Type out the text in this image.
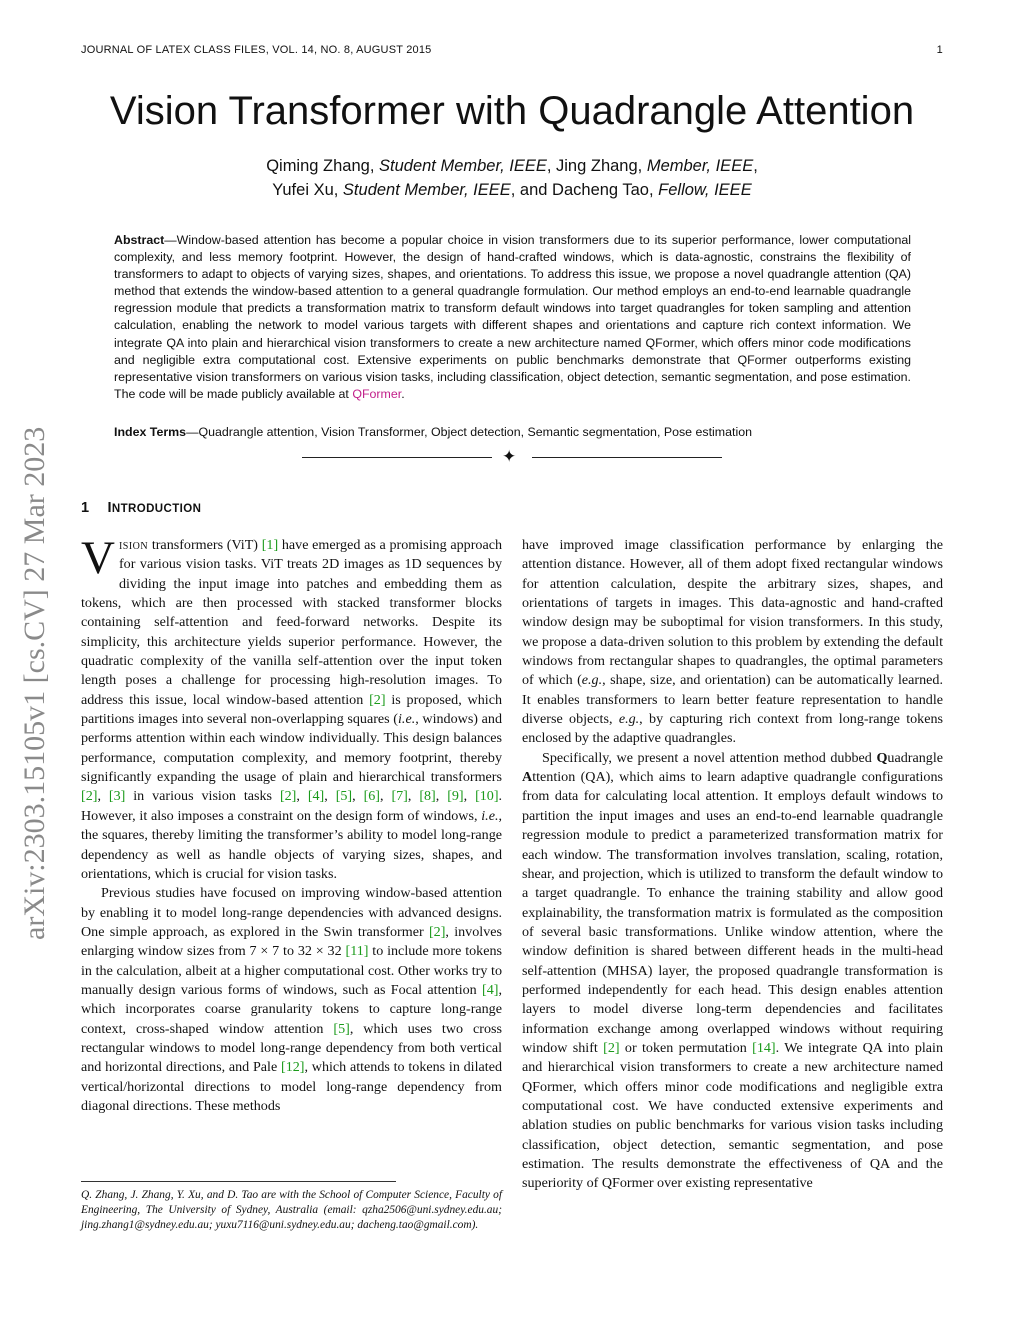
JOURNAL OF LATEX CLASS FILES, VOL. 14, NO. 8, AUGUST 2015	1
arXiv:2303.15105v1 [cs.CV] 27 Mar 2023
Vision Transformer with Quadrangle Attention
Qiming Zhang, Student Member, IEEE, Jing Zhang, Member, IEEE,
Yufei Xu, Student Member, IEEE, and Dacheng Tao, Fellow, IEEE

Abstract—Window-based attention has become a popular choice in vision transformers due to its superior performance, lower computational complexity, and less memory footprint. However, the design of hand-crafted windows, which is data-agnostic, constrains the flexibility of transformers to adapt to objects of varying sizes, shapes, and orientations. To address this issue, we propose a novel quadrangle attention (QA) method that extends the window-based attention to a general quadrangle formulation. Our method employs an end-to-end learnable quadrangle regression module that predicts a transformation matrix to transform default windows into target quadrangles for token sampling and attention calculation, enabling the network to model various targets with different shapes and orientations and capture rich context information. We integrate QA into plain and hierarchical vision transformers to create a new architecture named QFormer, which offers minor code modifications and negligible extra computational cost. Extensive experiments on public benchmarks demonstrate that QFormer outperforms existing representative vision transformers on various vision tasks, including classification, object detection, semantic segmentation, and pose estimation. The code will be made publicly available at QFormer.

Index Terms—Quadrangle attention, Vision Transformer, Object detection, Semantic segmentation, Pose estimation

✦
1 INTRODUCTION

Vision transformers (ViT) [1] have emerged as a promising approach for various vision tasks. ViT treats 2D images as 1D sequences by dividing the input image into patches and embedding them as tokens, which are then processed with stacked transformer blocks containing self-attention and feed-forward networks. Despite its simplicity, this architecture yields superior performance. However, the quadratic complexity of the vanilla self-attention over the input token length poses a challenge for processing high-resolution images. To address this issue, local window-based attention [2] is proposed, which partitions images into several non-overlapping squares (i.e., windows) and performs attention within each window individually. This design balances performance, computation complexity, and memory footprint, thereby significantly expanding the usage of plain and hierarchical transformers [2], [3] in various vision tasks [2], [4], [5], [6], [7], [8], [9], [10]. However, it also imposes a constraint on the design form of windows, i.e., the squares, thereby limiting the transformer’s ability to model long-range dependency as well as handle objects of varying sizes, shapes, and orientations, which is crucial for vision tasks.

Previous studies have focused on improving window-based attention by enabling it to model long-range dependencies with advanced designs. One simple approach, as explored in the Swin transformer [2], involves enlarging window sizes from 7 × 7 to 32 × 32 [11] to include more tokens in the calculation, albeit at a higher computational cost. Other works try to manually design various forms of windows, such as Focal attention [4], which incorporates coarse granularity tokens to capture long-range context, cross-shaped window attention [5], which uses two cross rectangular windows to model long-range dependency from both vertical and horizontal directions, and Pale [12], which attends to tokens in dilated vertical/horizontal directions to model long-range dependency from diagonal directions. These methods

have improved image classification performance by enlarging the attention distance. However, all of them adopt fixed rectangular windows for attention calculation, despite the arbitrary sizes, shapes, and orientations of targets in images. This data-agnostic and hand-crafted window design may be suboptimal for vision transformers. In this study, we propose a data-driven solution to this problem by extending the default windows from rectangular shapes to quadrangles, the optimal parameters of which (e.g., shape, size, and orientation) can be automatically learned. It enables transformers to learn better feature representation to handle diverse objects, e.g., by capturing rich context from long-range tokens enclosed by the adaptive quadrangles.

Specifically, we present a novel attention method dubbed Quadrangle Attention (QA), which aims to learn adaptive quadrangle configurations from data for calculating local attention. It employs default windows to partition the input images and uses an end-to-end learnable quadrangle regression module to predict a parameterized transformation matrix for each window. The transformation involves translation, scaling, rotation, shear, and projection, which is utilized to transform the default window to a target quadrangle. To enhance the training stability and allow good explainability, the transformation matrix is formulated as the composition of several basic transformations. Unlike window attention, where the window definition is shared between different heads in the multi-head self-attention (MHSA) layer, the proposed quadrangle transformation is performed independently for each head. This design enables attention layers to model diverse long-term dependencies and facilitates information exchange among overlapped windows without requiring window shift [2] or token permutation [14]. We integrate QA into plain and hierarchical vision transformers to create a new architecture named QFormer, which offers minor code modifications and negligible extra computational cost. We have conducted extensive experiments and ablation studies on public benchmarks for various vision tasks including classification, object detection, semantic segmentation, and pose estimation. The results demonstrate the effectiveness of QA and the superiority of QFormer over existing representative

Q. Zhang, J. Zhang, Y. Xu, and D. Tao are with the School of Computer Science, Faculty of Engineering, The University of Sydney, Australia (email: qzha2506@uni.sydney.edu.au; jing.zhang1@sydney.edu.au; yuxu7116@uni.sydney.edu.au; dacheng.tao@gmail.com).
